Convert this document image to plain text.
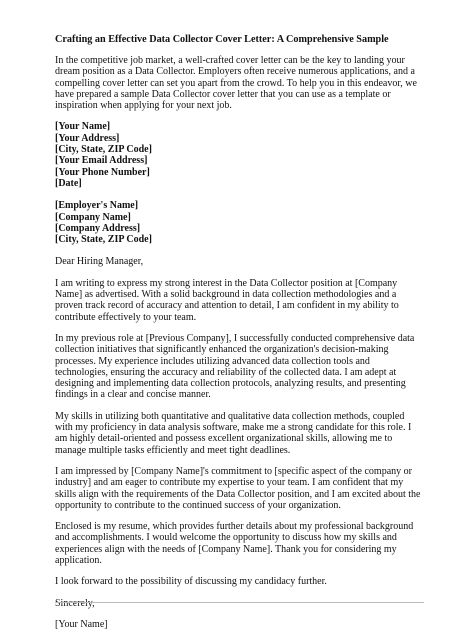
Crafting an Effective Data Collector Cover Letter: A Comprehensive Sample

In the competitive job market, a well-crafted cover letter can be the key to landing your dream position as a Data Collector. Employers often receive numerous applications, and a compelling cover letter can set you apart from the crowd. To help you in this endeavor, we have prepared a sample Data Collector cover letter that you can use as a template or inspiration when applying for your next job.

[Your Name]
[Your Address]
[City, State, ZIP Code]
[Your Email Address]
[Your Phone Number]
[Date]
[Employer's Name]
[Company Name]
[Company Address]
[City, State, ZIP Code]

Dear Hiring Manager,

I am writing to express my strong interest in the Data Collector position at [Company Name] as advertised. With a solid background in data collection methodologies and a proven track record of accuracy and attention to detail, I am confident in my ability to contribute effectively to your team.

In my previous role at [Previous Company], I successfully conducted comprehensive data collection initiatives that significantly enhanced the organization's decision-making processes. My experience includes utilizing advanced data collection tools and technologies, ensuring the accuracy and reliability of the collected data. I am adept at designing and implementing data collection protocols, analyzing results, and presenting findings in a clear and concise manner.

My skills in utilizing both quantitative and qualitative data collection methods, coupled with my proficiency in data analysis software, make me a strong candidate for this role. I am highly detail-oriented and possess excellent organizational skills, allowing me to manage multiple tasks efficiently and meet tight deadlines.

I am impressed by [Company Name]'s commitment to [specific aspect of the company or industry] and am eager to contribute my expertise to your team. I am confident that my skills align with the requirements of the Data Collector position, and I am excited about the opportunity to contribute to the continued success of your organization.

Enclosed is my resume, which provides further details about my professional background and accomplishments. I would welcome the opportunity to discuss how my skills and experiences align with the needs of [Company Name]. Thank you for considering my application.

I look forward to the possibility of discussing my candidacy further.

Sincerely,

[Your Name]
